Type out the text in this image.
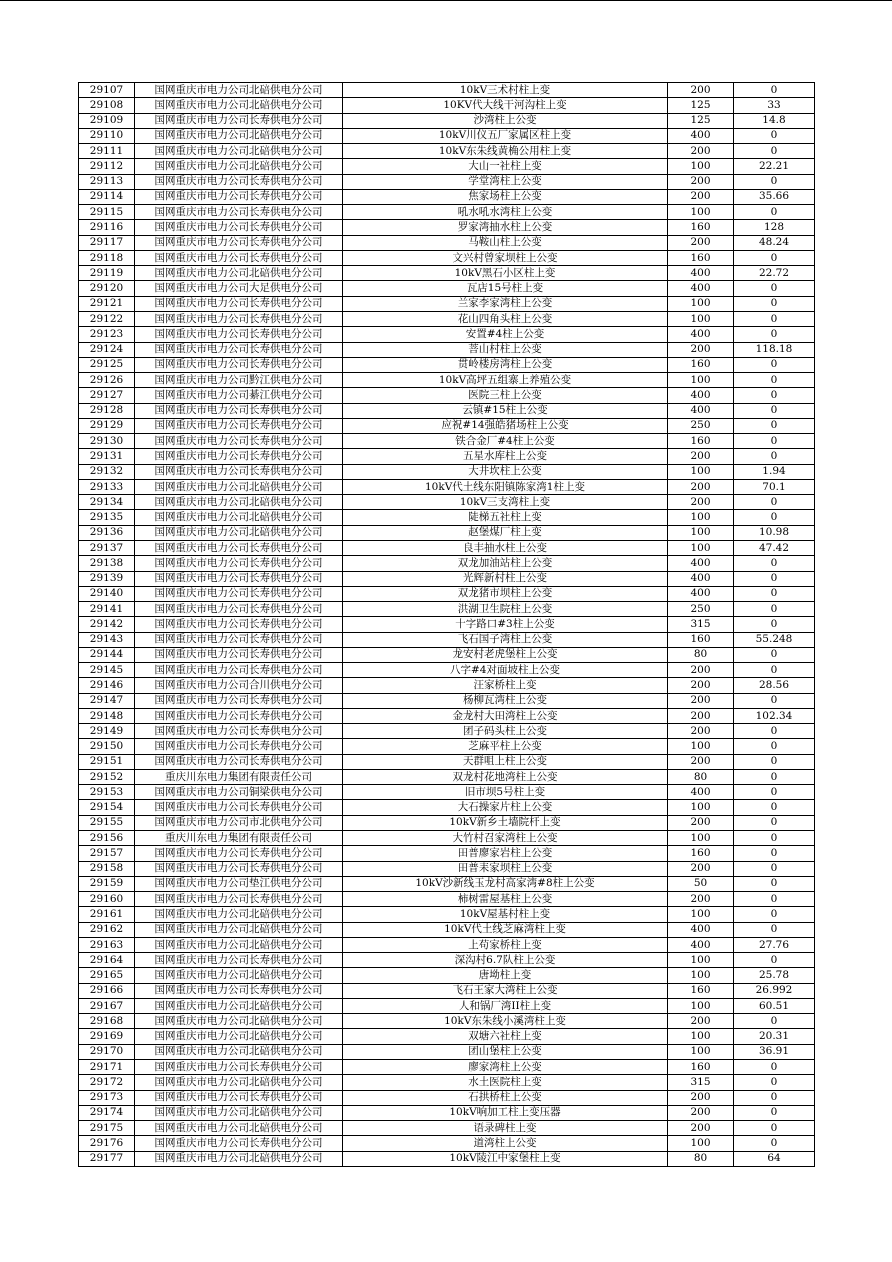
29107	国网重庆市电力公司北碚供电分公司	10kV三术村柱上变	200	0
29108	国网重庆市电力公司北碚供电分公司	10KV代大线干河沟柱上变	125	33
29109	国网重庆市电力公司长寿供电分公司	沙湾柱上公变	125	14.8
29110	国网重庆市电力公司北碚供电分公司	10kV川仪五厂家属区柱上变	400	0
29111	国网重庆市电力公司北碚供电分公司	10kV东朱线黄桷公用柱上变	200	0
29112	国网重庆市电力公司北碚供电分公司	大山一社柱上变	100	22.21
29113	国网重庆市电力公司长寿供电分公司	学堂湾柱上公变	200	0
29114	国网重庆市电力公司长寿供电分公司	焦家场柱上公变	200	35.66
29115	国网重庆市电力公司长寿供电分公司	吼水吼水湾柱上公变	100	0
29116	国网重庆市电力公司长寿供电分公司	罗家湾抽水柱上公变	160	128
29117	国网重庆市电力公司长寿供电分公司	马鞍山柱上公变	200	48.24
29118	国网重庆市电力公司长寿供电分公司	文兴村曾家坝柱上公变	160	0
29119	国网重庆市电力公司北碚供电分公司	10kV黑石小区柱上变	400	22.72
29120	国网重庆市电力公司大足供电分公司	瓦店15号柱上变	400	0
29121	国网重庆市电力公司长寿供电分公司	兰家李家湾柱上公变	100	0
29122	国网重庆市电力公司长寿供电分公司	花山四角头柱上公变	100	0
29123	国网重庆市电力公司长寿供电分公司	安置#4柱上公变	400	0
29124	国网重庆市电力公司长寿供电分公司	菩山村柱上公变	200	118.18
29125	国网重庆市电力公司长寿供电分公司	贯岭楼房湾柱上公变	160	0
29126	国网重庆市电力公司黔江供电分公司	10kV高坪五组寨上养殖公变	100	0
29127	国网重庆市电力公司綦江供电分公司	医院三柱上公变	400	0
29128	国网重庆市电力公司长寿供电分公司	云镇#15柱上公变	400	0
29129	国网重庆市电力公司长寿供电分公司	应祝#14强皓猪场柱上公变	250	0
29130	国网重庆市电力公司长寿供电分公司	铁合金厂#4柱上公变	160	0
29131	国网重庆市电力公司长寿供电分公司	五星水库柱上公变	200	0
29132	国网重庆市电力公司长寿供电分公司	大井坎柱上公变	100	1.94
29133	国网重庆市电力公司北碚供电分公司	10kV代土线东阳镇陈家湾1柱上变	200	70.1
29134	国网重庆市电力公司北碚供电分公司	10kV三支湾柱上变	200	0
29135	国网重庆市电力公司北碚供电分公司	陡梯五社柱上变	100	0
29136	国网重庆市电力公司北碚供电分公司	赵堡煤厂柱上变	100	10.98
29137	国网重庆市电力公司长寿供电分公司	良丰抽水柱上公变	100	47.42
29138	国网重庆市电力公司长寿供电分公司	双龙加油站柱上公变	400	0
29139	国网重庆市电力公司长寿供电分公司	光辉新村柱上公变	400	0
29140	国网重庆市电力公司长寿供电分公司	双龙猪市坝柱上公变	400	0
29141	国网重庆市电力公司长寿供电分公司	洪湖卫生院柱上公变	250	0
29142	国网重庆市电力公司长寿供电分公司	十字路口#3柱上公变	315	0
29143	国网重庆市电力公司长寿供电分公司	飞石国子湾柱上公变	160	55.248
29144	国网重庆市电力公司长寿供电分公司	龙安村老虎堡柱上公变	80	0
29145	国网重庆市电力公司长寿供电分公司	八字#4对面坡柱上公变	200	0
29146	国网重庆市电力公司合川供电分公司	汪家桥柱上变	200	28.56
29147	国网重庆市电力公司长寿供电分公司	杨柳瓦湾柱上公变	200	0
29148	国网重庆市电力公司长寿供电分公司	金龙村大田湾柱上公变	200	102.34
29149	国网重庆市电力公司长寿供电分公司	团子码头柱上公变	200	0
29150	国网重庆市电力公司长寿供电分公司	芝麻平柱上公变	100	0
29151	国网重庆市电力公司长寿供电分公司	天群咀上柱上公变	200	0
29152	重庆川东电力集团有限责任公司	双龙村花地湾柱上公变	80	0
29153	国网重庆市电力公司铜梁供电分公司	旧市坝5号柱上变	400	0
29154	国网重庆市电力公司长寿供电分公司	大石操家片柱上公变	100	0
29155	国网重庆市电力公司市北供电分公司	10kV新乡土墙院杆上变	200	0
29156	重庆川东电力集团有限责任公司	大竹村召家湾柱上公变	100	0
29157	国网重庆市电力公司长寿供电分公司	田普廖家岩柱上公变	160	0
29158	国网重庆市电力公司长寿供电分公司	田普耒家坝柱上公变	200	0
29159	国网重庆市电力公司垫江供电分公司	10kV沙新线玉龙村高家湾#8柱上公变	50	0
29160	国网重庆市电力公司长寿供电分公司	柿树雷屋基柱上公变	200	0
29161	国网重庆市电力公司北碚供电分公司	10kV屋基村柱上变	100	0
29162	国网重庆市电力公司北碚供电分公司	10kV代土线芝麻湾柱上变	400	0
29163	国网重庆市电力公司北碚供电分公司	上苟家桥柱上变	400	27.76
29164	国网重庆市电力公司长寿供电分公司	深沟村6.7队柱上公变	100	0
29165	国网重庆市电力公司北碚供电分公司	唐坳柱上变	100	25.78
29166	国网重庆市电力公司长寿供电分公司	飞石王家大湾柱上公变	160	26.992
29167	国网重庆市电力公司北碚供电分公司	人和锅厂湾II柱上变	100	60.51
29168	国网重庆市电力公司北碚供电分公司	10kV东朱线小溪湾柱上变	200	0
29169	国网重庆市电力公司北碚供电分公司	双塘六社柱上变	100	20.31
29170	国网重庆市电力公司北碚供电分公司	团山堡柱上公变	100	36.91
29171	国网重庆市电力公司长寿供电分公司	廖家湾柱上公变	160	0
29172	国网重庆市电力公司北碚供电分公司	水土医院柱上变	315	0
29173	国网重庆市电力公司长寿供电分公司	石拱桥柱上公变	200	0
29174	国网重庆市电力公司北碚供电分公司	10kV响加工柱上变压器	200	0
29175	国网重庆市电力公司北碚供电分公司	语录碑柱上变	200	0
29176	国网重庆市电力公司长寿供电分公司	道湾柱上公变	100	0
29177	国网重庆市电力公司北碚供电分公司	10kV陵江中家堡柱上变	80	64
